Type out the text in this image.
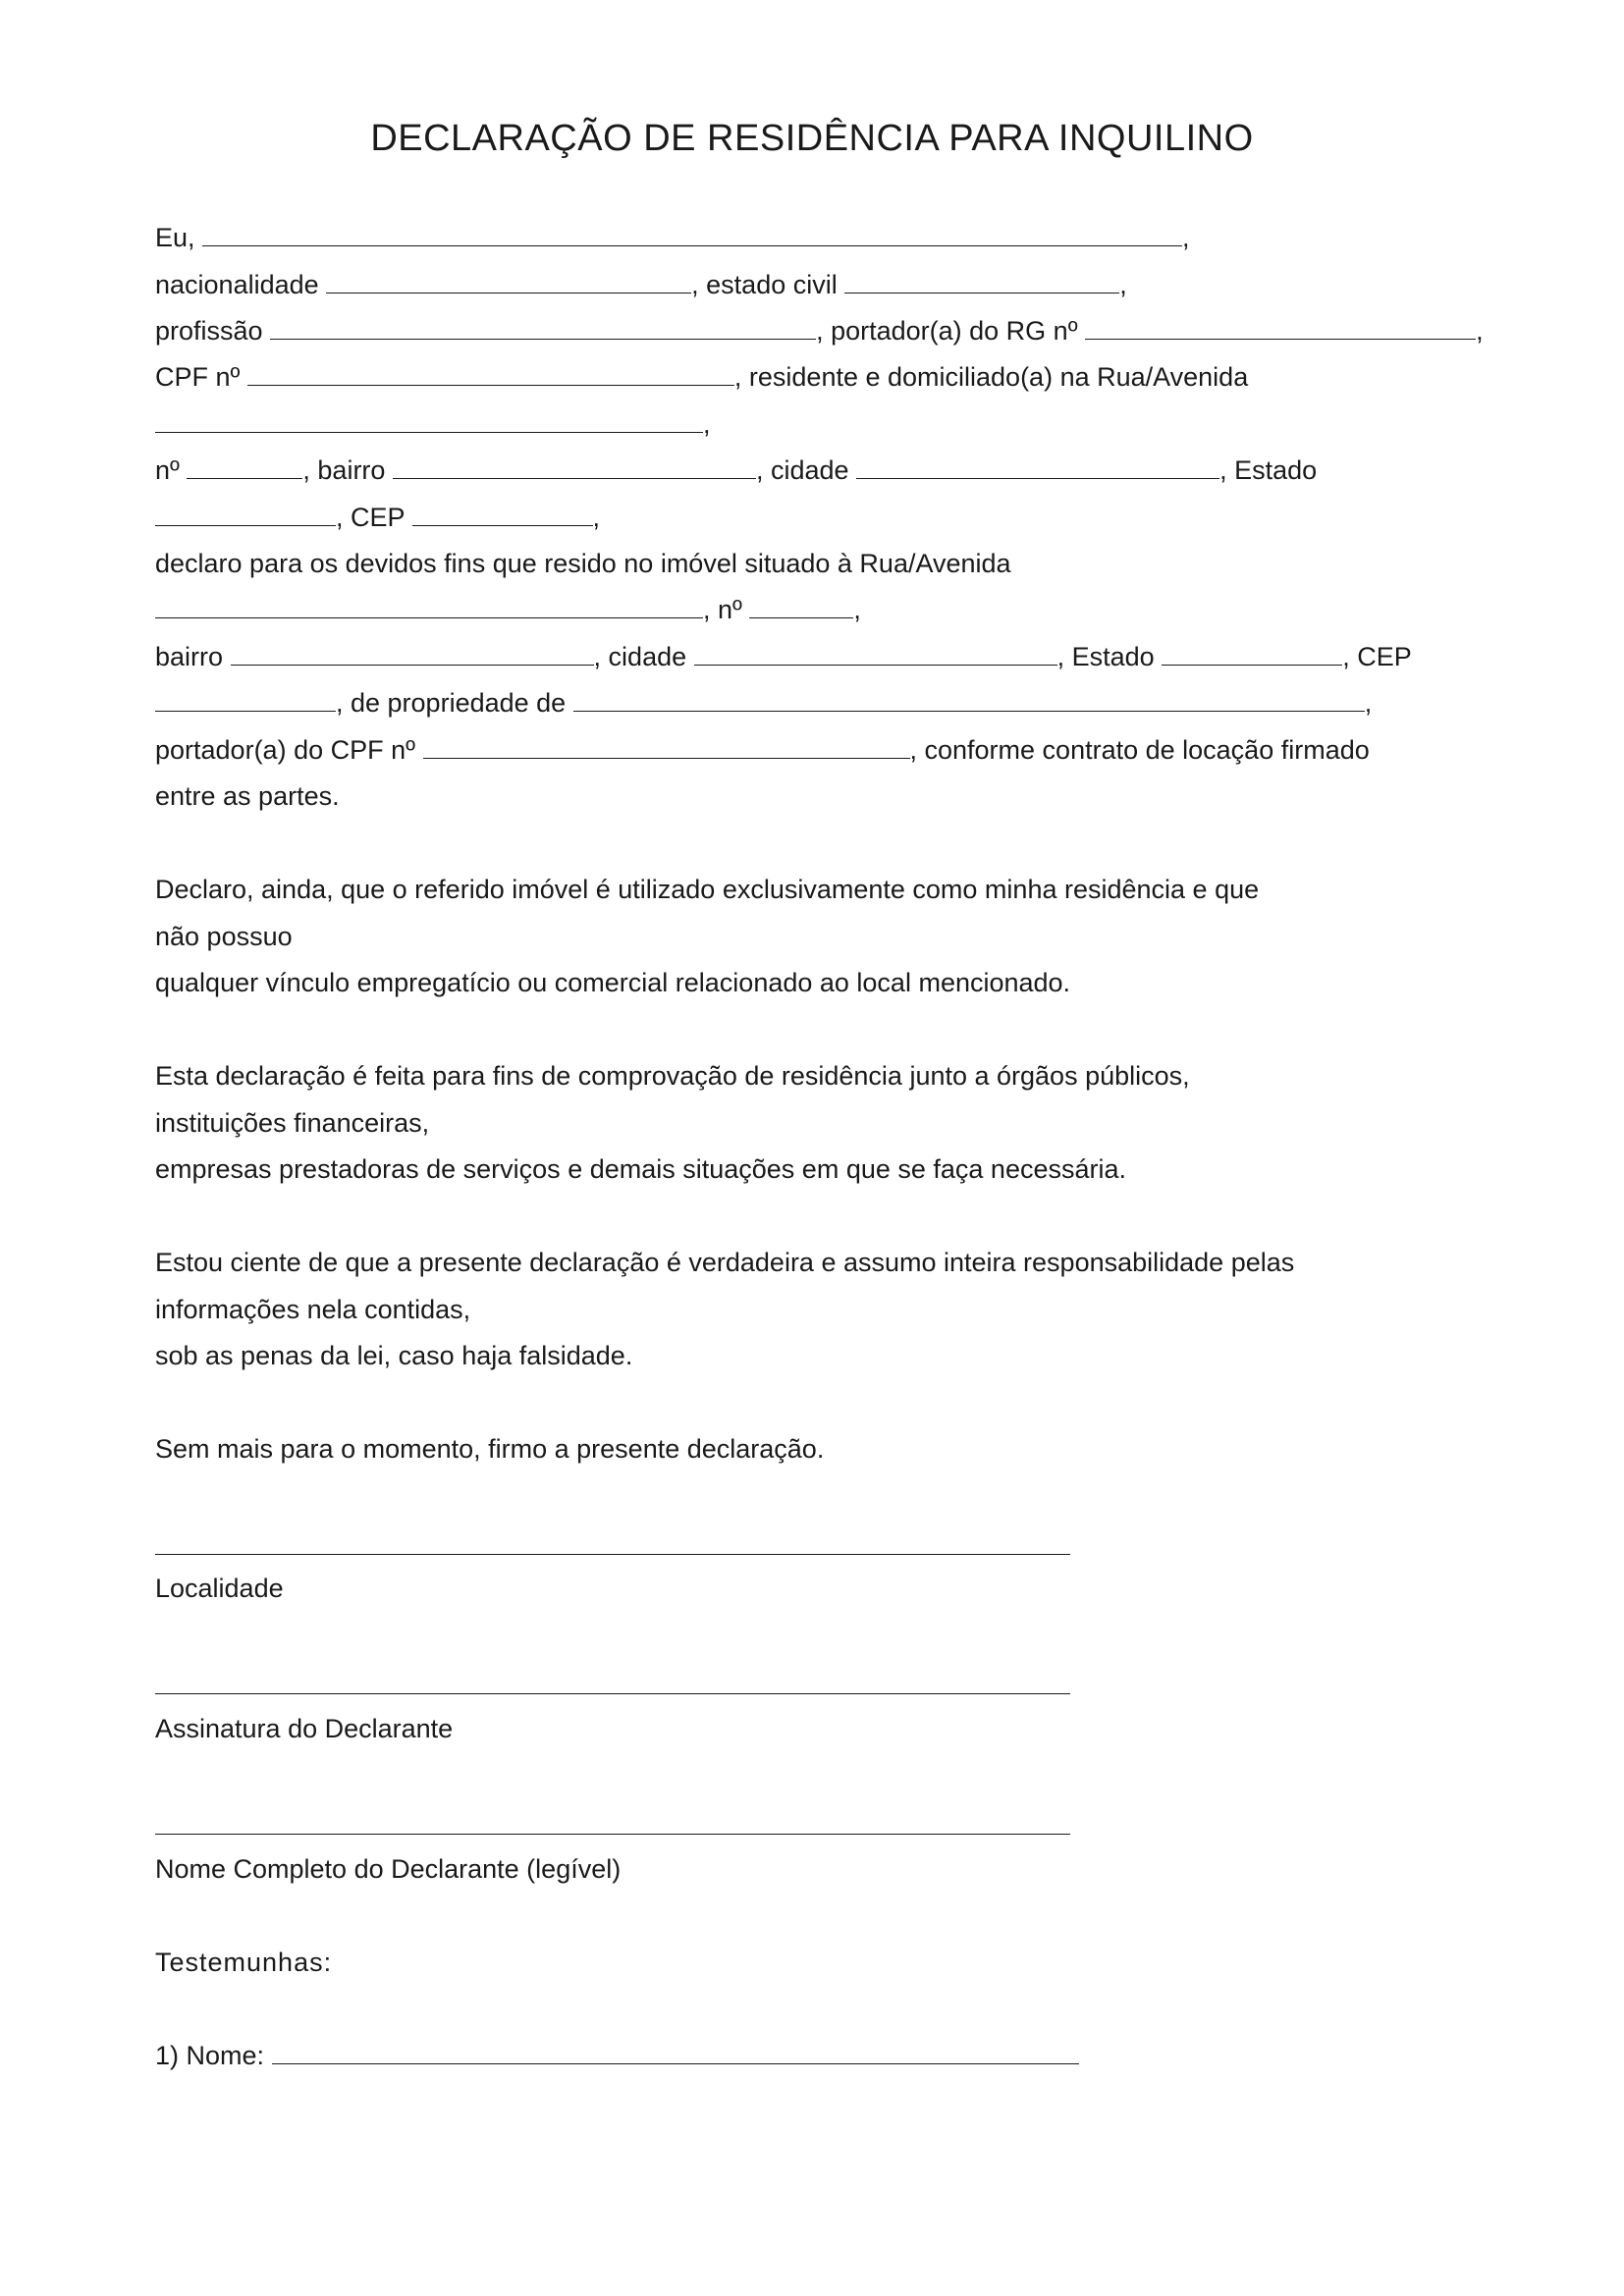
DECLARAÇÃO DE RESIDÊNCIA PARA INQUILINO
Eu,	,
nacionalidade	, estado civil	,
profissão	, portador(a) do RG nº	,
CPF nº	, residente e domiciliado(a) na Rua/Avenida
,
nº	, bairro	, cidade	, Estado
, CEP	,
declaro para os devidos fins que resido no imóvel situado à Rua/Avenida
, nº	,
bairro	, cidade	, Estado	, CEP
, de propriedade de	,
portador(a) do CPF nº	, conforme contrato de locação firmado
entre as partes.
Declaro, ainda, que o referido imóvel é utilizado exclusivamente como minha residência e que
não possuo
qualquer vínculo empregatício ou comercial relacionado ao local mencionado.
Esta declaração é feita para fins de comprovação de residência junto a órgãos públicos,
instituições financeiras,
empresas prestadoras de serviços e demais situações em que se faça necessária.
Estou ciente de que a presente declaração é verdadeira e assumo inteira responsabilidade pelas
informações nela contidas,
sob as penas da lei, caso haja falsidade.
Sem mais para o momento, firmo a presente declaração.
Localidade
Assinatura do Declarante
Nome Completo do Declarante (legível)
Testemunhas:
1) Nome:
